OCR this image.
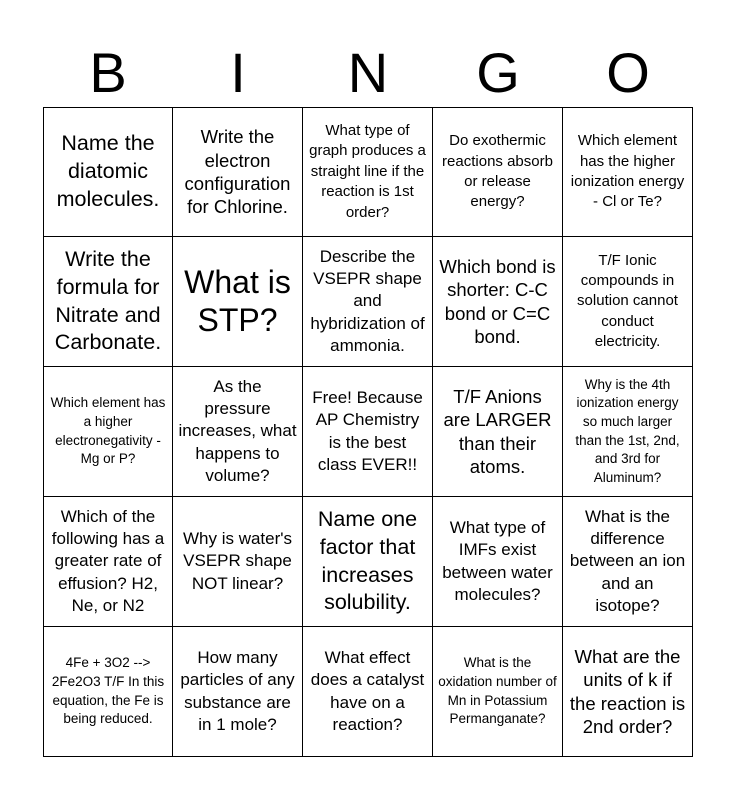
B	I	N	G	O
Name the diatomic molecules.
Write the electron configuration for Chlorine.
What type of graph produces a straight line if the reaction is 1st order?
Do exothermic reactions absorb or release energy?
Which element has the higher ionization energy - Cl or Te?
Write the formula for Nitrate and Carbonate.
What is STP?
Describe the VSEPR shape and hybridization of ammonia.
Which bond is shorter: C-C bond or C=C bond.
T/F Ionic compounds in solution cannot conduct electricity.
Which element has a higher electronegativity - Mg or P?
As the pressure increases, what happens to volume?
Free! Because AP Chemistry is the best class EVER!!
T/F Anions are LARGER than their atoms.
Why is the 4th ionization energy so much larger than the 1st, 2nd, and 3rd for Aluminum?
Which of the following has a greater rate of effusion? H2, Ne, or N2
Why is water's VSEPR shape NOT linear?
Name one factor that increases solubility.
What type of IMFs exist between water molecules?
What is the difference between an ion and an isotope?
4Fe + 3O2 --> 2Fe2O3 T/F In this equation, the Fe is being reduced.
How many particles of any substance are in 1 mole?
What effect does a catalyst have on a reaction?
What is the oxidation number of Mn in Potassium Permanganate?
What are the units of k if the reaction is 2nd order?
